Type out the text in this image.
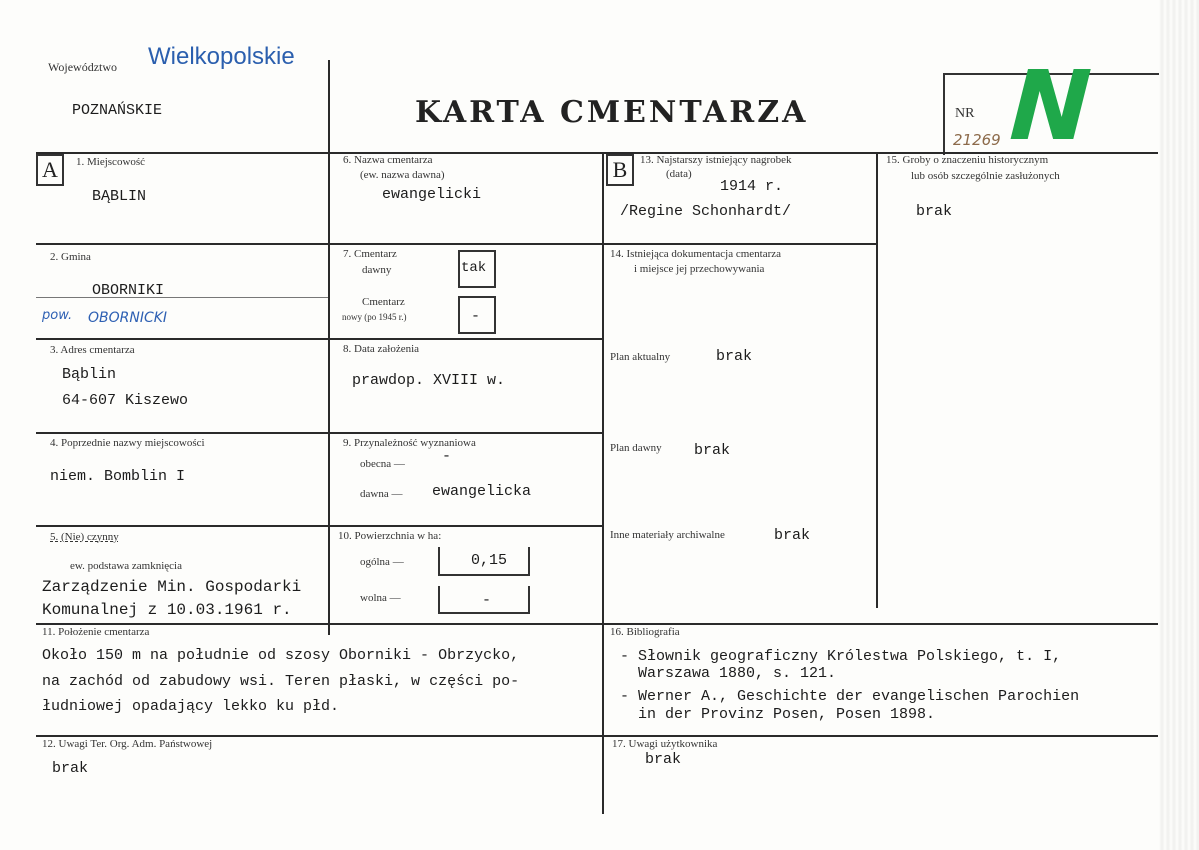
Województwo Wielkopolskie
POZNAŃSKIE	KARTA CMENTARZA	NR
21269
N
A	1. Miejscowość
BĄBLIN
2. Gmina
OBORNIKI
pow. OBORNICKI
3. Adres cmentarza
Bąblin
64-607 Kiszewo
4. Poprzednie nazwy miejscowości
niem. Bomblin I
5. (Nie) czynny
ew. podstawa zamknięcia
Zarządzenie Min. Gospodarki
Komunalnej z 10.03.1961 r.
6. Nazwa cmentarza
(ew. nazwa dawna)
ewangelicki
7. Cmentarz
dawny	tak
Cmentarz
nowy (po 1945 r.)	-
8. Data założenia
prawdop. XVIII w.
9. Przynależność wyznaniowa
obecna — -
dawna — ewangelicka
10. Powierzchnia w ha:
ogólna —	0,15
wolna —	-
B	13. Najstarszy istniejący nagrobek
(data)
1914 r.
/Regine Schonhardt/
14. Istniejąca dokumentacja cmentarza
i miejsce jej przechowywania
Plan aktualny	brak
Plan dawny brak
Inne materiały archiwalne	brak
15. Groby o znaczeniu historycznym
lub osób szczególnie zasłużonych
brak
11. Położenie cmentarza
Około 150 m na południe od szosy Oborniki - Obrzycko,
na zachód od zabudowy wsi. Teren płaski, w części po-
łudniowej opadający lekko ku płd.
16. Bibliografia
- Słownik geograficzny Królestwa Polskiego, t. I,
Warszawa 1880, s. 121.
- Werner A., Geschichte der evangelischen Parochien
in der Provinz Posen, Posen 1898.
12. Uwagi Ter. Org. Adm. Państwowej
brak
17. Uwagi użytkownika
brak
